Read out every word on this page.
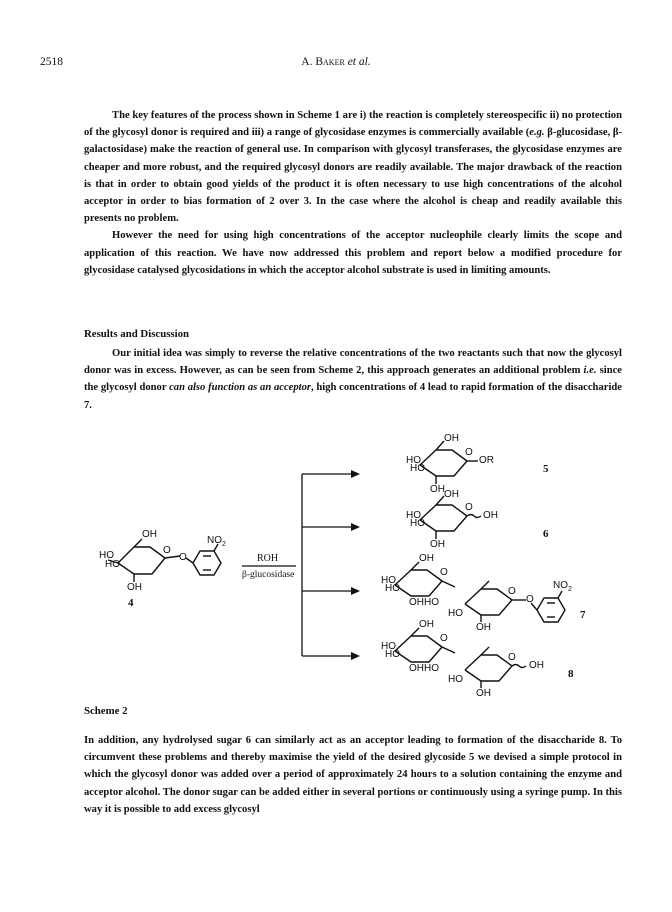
2518	A. Baker et al.

The key features of the process shown in Scheme 1 are i) the reaction is completely stereospecific ii) no protection of the glycosyl donor is required and iii) a range of glycosidase enzymes is commercially available (e.g. β-glucosidase, β-galactosidase) make the reaction of general use. In comparison with glycosyl transferases, the glycosidase enzymes are cheaper and more robust, and the required glycosyl donors are readily available. The major drawback of the reaction is that in order to obtain good yields of the product it is often necessary to use high concentrations of the alcohol acceptor in order to bias formation of 2 over 3. In the case where the alcohol is cheap and readily available this presents no problem.

However the need for using high concentrations of the acceptor nucleophile clearly limits the scope and application of this reaction. We have now addressed this problem and report below a modified procedure for glycosidase catalysed glycosidations in which the acceptor alcohol substrate is used in limiting amounts.

Results and Discussion

Our initial idea was simply to reverse the relative concentrations of the two reactants such that now the glycosyl donor was in excess. However, as can be seen from Scheme 2, this approach generates an additional problem i.e. since the glycosyl donor can also function as an acceptor, high concentrations of 4 lead to rapid formation of the disaccharide 7.

OH
HO
HO
O
O
OH
$NO_2$
4
ROH
β-glucosidase
OH
HO
HO
O
OR
OH
5
OH
HO
HO
O
OH
OH
6
OH
HO
HO
O
OHHO
HO
O
O
OH
$NO_2$
7
OH
HO
HO
O
OHHO
HO
O
OH
OH
8
Scheme 2

In addition, any hydrolysed sugar 6 can similarly act as an acceptor leading to formation of the disaccharide 8. To circumvent these problems and thereby maximise the yield of the desired glycoside 5 we devised a simple protocol in which the glycosyl donor was added over a period of approximately 24 hours to a solution containing the enzyme and acceptor alcohol. The donor sugar can be added either in several portions or continuously using a syringe pump. In this way it is possible to add excess glycosyl
